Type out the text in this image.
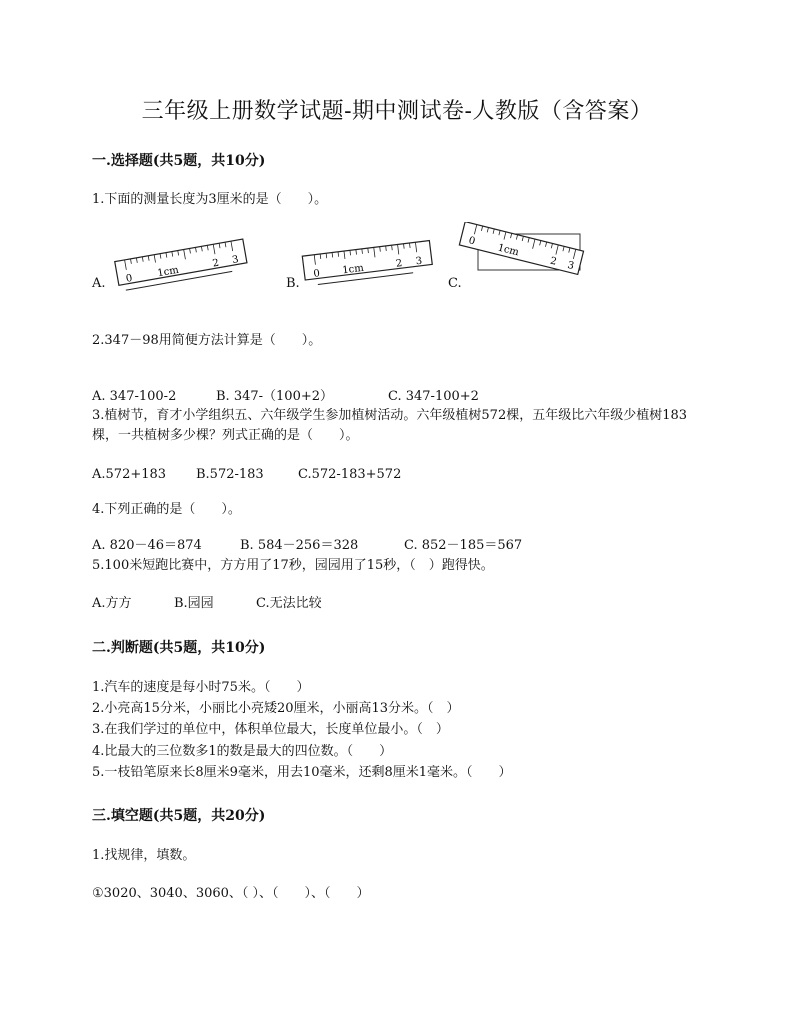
三年级上册数学试题-期中测试卷-人教版（含答案）
一.选择题(共5题，共10分)
1.下面的测量长度为3厘米的是（　　）。
A. 0 1cm
2 3
B.
0 1cm	2 3
C.
0
1cm
2 3
2.347－98用简便方法计算是（　　）。
A. 347-100-2	B. 347-（100+2）	C. 347-100+2
3.植树节，育才小学组织五、六年级学生参加植树活动。六年级植树572棵，五年级比六年级少植树183棵，一共植树多少棵？列式正确的是（　　）。
A.572+183 B.572-183	C.572-183+572
4.下列正确的是（　　）。
A. 820－46＝874	B. 584－256＝328	C. 852－185＝567
5.100米短跑比赛中，方方用了17秒，园园用了15秒，（　）跑得快。
A.方方	B.园园	C.无法比较
二.判断题(共5题，共10分)
1.汽车的速度是每小时75米。（　　）
2.小亮高15分米，小丽比小亮矮20厘米，小丽高13分米。（　）
3.在我们学过的单位中，体积单位最大，长度单位最小。（　）
4.比最大的三位数多1的数是最大的四位数。（　　）
5.一枝铅笔原来长8厘米9毫米，用去10毫米，还剩8厘米1毫米。（　　）
三.填空题(共5题，共20分)
1.找规律，填数。
①3020、3040、3060、（ ）、（　　）、（　　）
